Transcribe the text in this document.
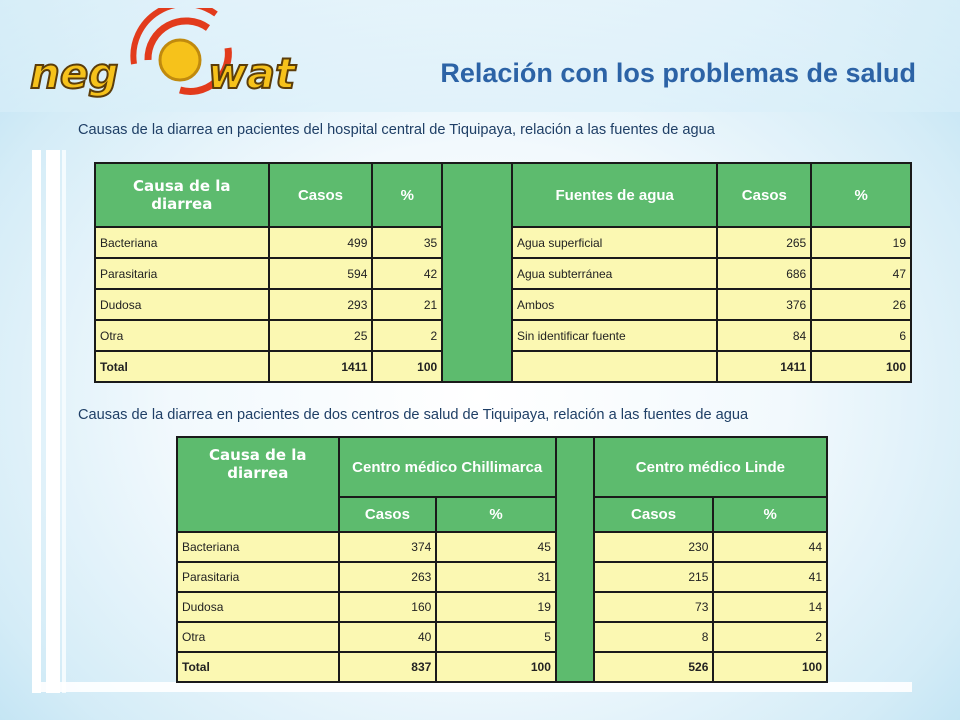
neg wat	Relación con los problemas de salud
Causas de la diarrea en pacientes del hospital central de Tiquipaya, relación a las fuentes de agua
Causa de la diarrea	Casos	%		Fuentes de agua	Casos	%
Bacteriana	499	35		Agua superficial	265	19
Parasitaria	594	42		Agua subterránea	686	47
Dudosa	293	21		Ambos	376	26
Otra	25	2		Sin identificar fuente	84	6
Total	1411	100			1411	100
Causas de la diarrea en pacientes de dos centros de salud de Tiquipaya, relación a las fuentes de agua
Causa de la diarrea	Centro médico Chillimarca			Centro médico Linde	
	Casos	%		Casos	%
Bacteriana	374	45		230	44
Parasitaria	263	31		215	41
Dudosa	160	19		73	14
Otra	40	5		8	2
Total	837	100		526	100
